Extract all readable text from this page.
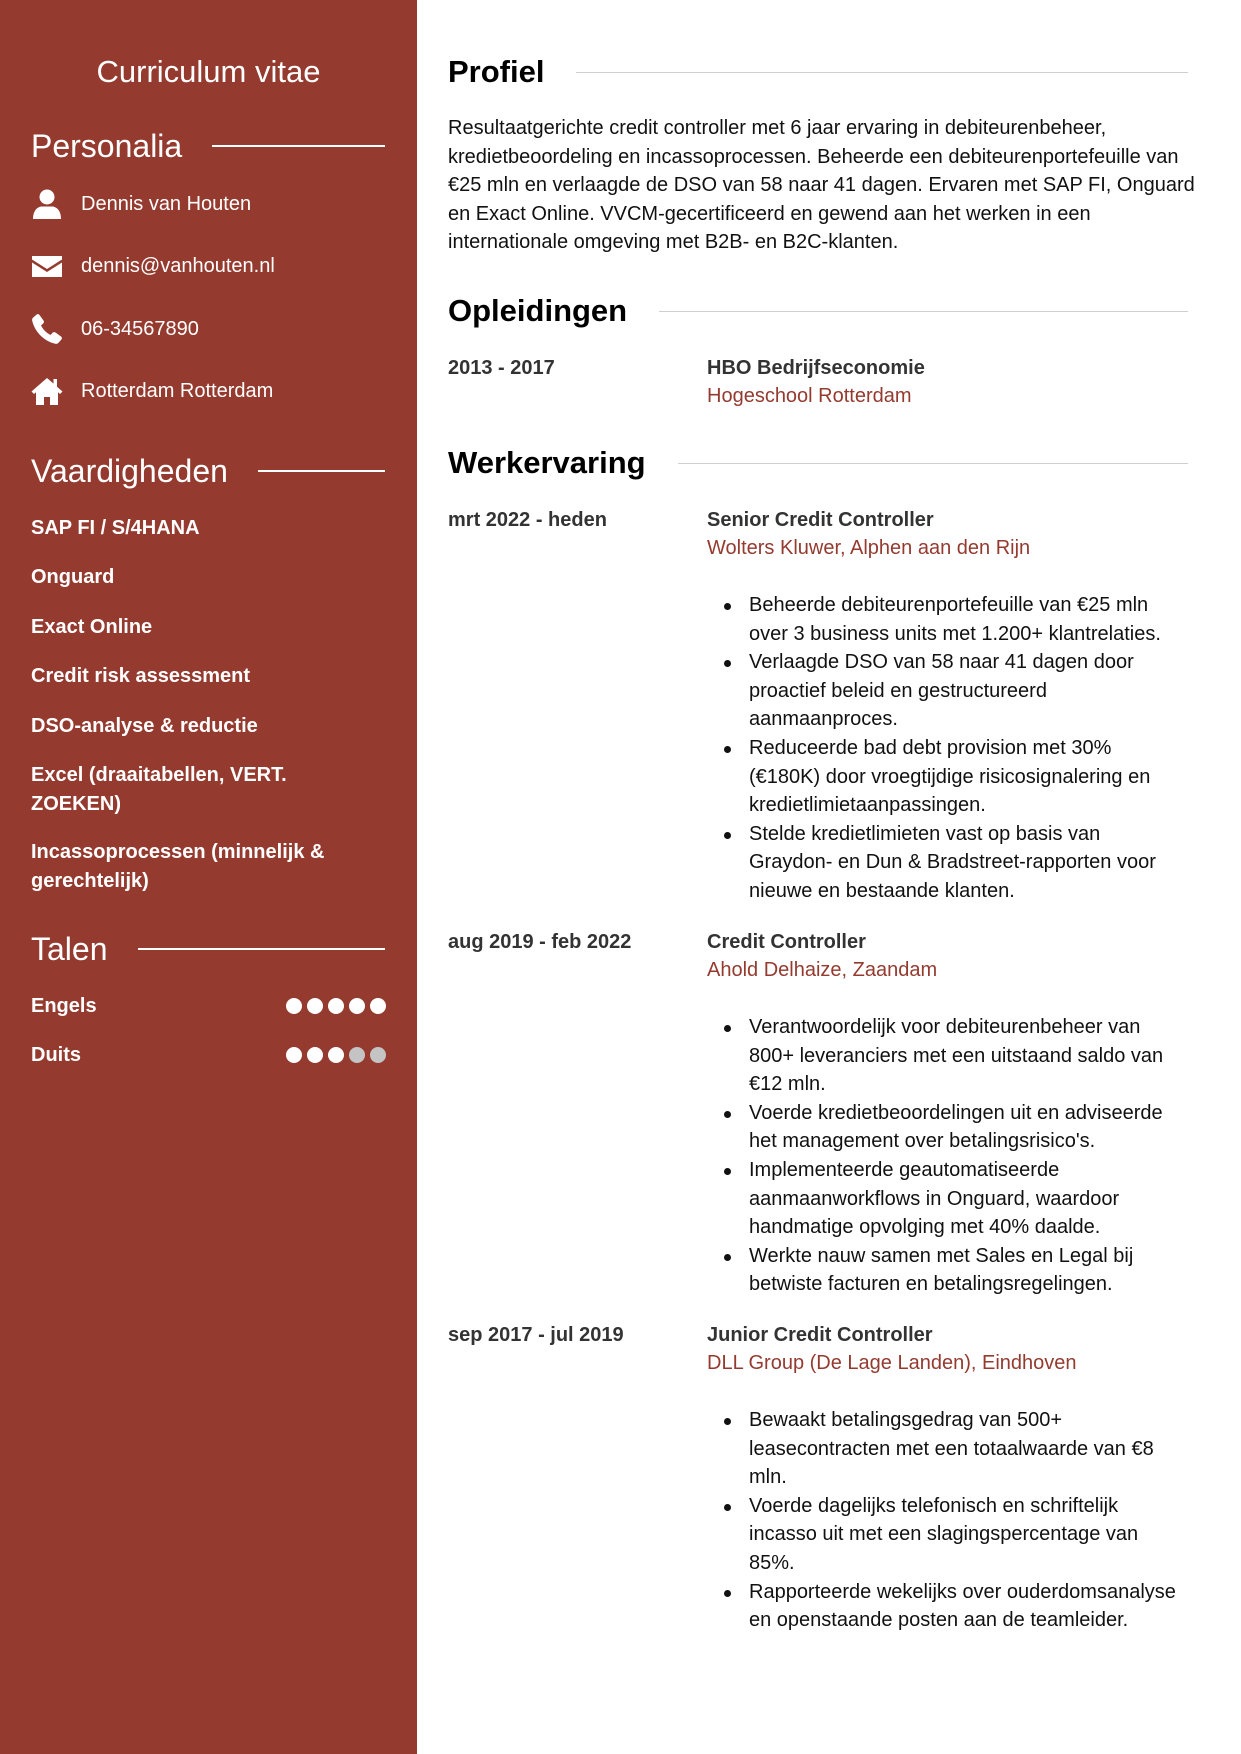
Curriculum vitae
Personalia
Dennis van Houten
dennis@vanhouten.nl
06-34567890
Rotterdam Rotterdam
Vaardigheden
SAP FI / S/4HANA
Onguard
Exact Online
Credit risk assessment
DSO-analyse & reductie
Excel (draaitabellen, VERT. ZOEKEN)
Incassoprocessen (minnelijk & gerechtelijk)
Talen
Engels
Duits
Profiel

Resultaatgerichte credit controller met 6 jaar ervaring in debiteurenbeheer, kredietbeoordeling en incassoprocessen. Beheerde een debiteurenportefeuille van €25 mln en verlaagde de DSO van 58 naar 41 dagen. Ervaren met SAP FI, Onguard en Exact Online. VVCM-gecertificeerd en gewend aan het werken in een internationale omgeving met B2B- en B2C-klanten.

Opleidingen
2013 - 2017	HBO Bedrijfseconomie
Hogeschool Rotterdam
Werkervaring
mrt 2022 - heden	Senior Credit Controller
Wolters Kluwer, Alphen aan den Rijn
Beheerde debiteurenportefeuille van €25 mln over 3 business units met 1.200+ klantrelaties.
Verlaagde DSO van 58 naar 41 dagen door proactief beleid en gestructureerd aanmaanproces.
Reduceerde bad debt provision met 30% (€180K) door vroegtijdige risicosignalering en kredietlimietaanpassingen.
Stelde kredietlimieten vast op basis van Graydon- en Dun & Bradstreet-rapporten voor nieuwe en bestaande klanten.
aug 2019 - feb 2022	Credit Controller
Ahold Delhaize, Zaandam
Verantwoordelijk voor debiteurenbeheer van 800+ leveranciers met een uitstaand saldo van €12 mln.
Voerde kredietbeoordelingen uit en adviseerde het management over betalingsrisico's.
Implementeerde geautomatiseerde aanmaanworkflows in Onguard, waardoor handmatige opvolging met 40% daalde.
Werkte nauw samen met Sales en Legal bij betwiste facturen en betalingsregelingen.
sep 2017 - jul 2019	Junior Credit Controller
DLL Group (De Lage Landen), Eindhoven
Bewaakt betalingsgedrag van 500+ leasecontracten met een totaalwaarde van €8 mln.
Voerde dagelijks telefonisch en schriftelijk incasso uit met een slagingspercentage van 85%.
Rapporteerde wekelijks over ouderdomsanalyse en openstaande posten aan de teamleider.
